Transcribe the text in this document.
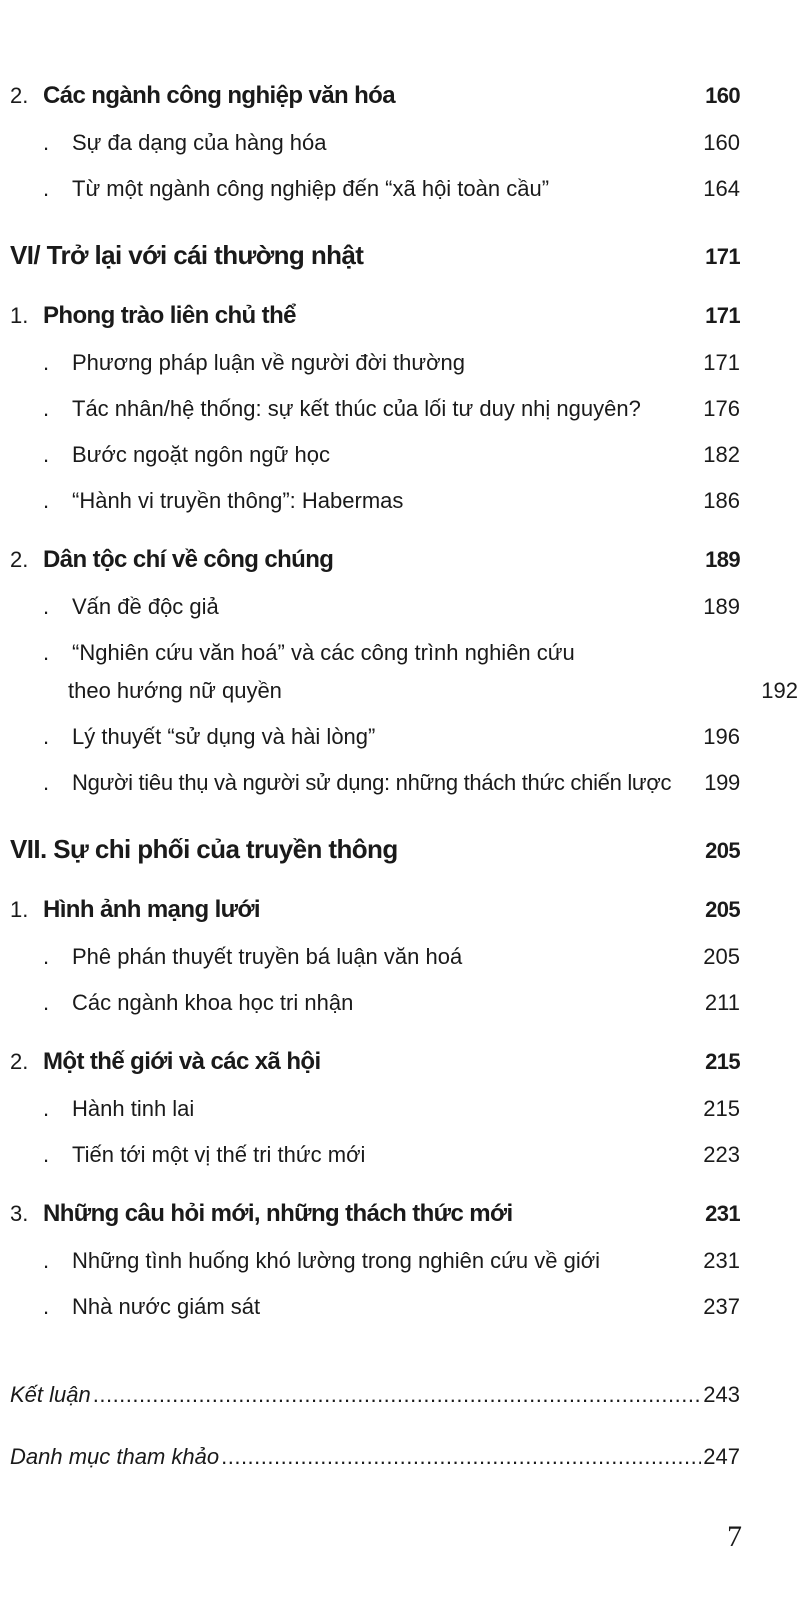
2. Các ngành công nghiệp văn hóa	160
.	Sự đa dạng của hàng hóa	160
.	Từ một ngành công nghiệp đến “xã hội toàn cầu”	164
VI/ Trở lại với cái thường nhật	171
1. Phong trào liên chủ thể	171
.	Phương pháp luận về người đời thường	171
.	Tác nhân/hệ thống: sự kết thúc của lối tư duy nhị nguyên?	176
.	Bước ngoặt ngôn ngữ học	182
.	“Hành vi truyền thông”: Habermas	186
2. Dân tộc chí về công chúng	189
.	Vấn đề độc giả	189
.	“Nghiên cứu văn hoá” và các công trình nghiên cứu
theo hướng nữ quyền	192
.	Lý thuyết “sử dụng và hài lòng”	196
.	Người tiêu thụ và người sử dụng: những thách thức chiến lược 199
VII. Sự chi phối của truyền thông	205
1. Hình ảnh mạng lưới	205
.	Phê phán thuyết truyền bá luận văn hoá	205
.	Các ngành khoa học tri nhận	211
2. Một thế giới và các xã hội	215
.	Hành tinh lai	215
.	Tiến tới một vị thế tri thức mới	223
3. Những câu hỏi mới, những thách thức mới	231
.	Những tình huống khó lường trong nghiên cứu về giới	231
.	Nhà nước giám sát	237
Kết luận .....	243
Danh mục tham khảo .....	247
7
